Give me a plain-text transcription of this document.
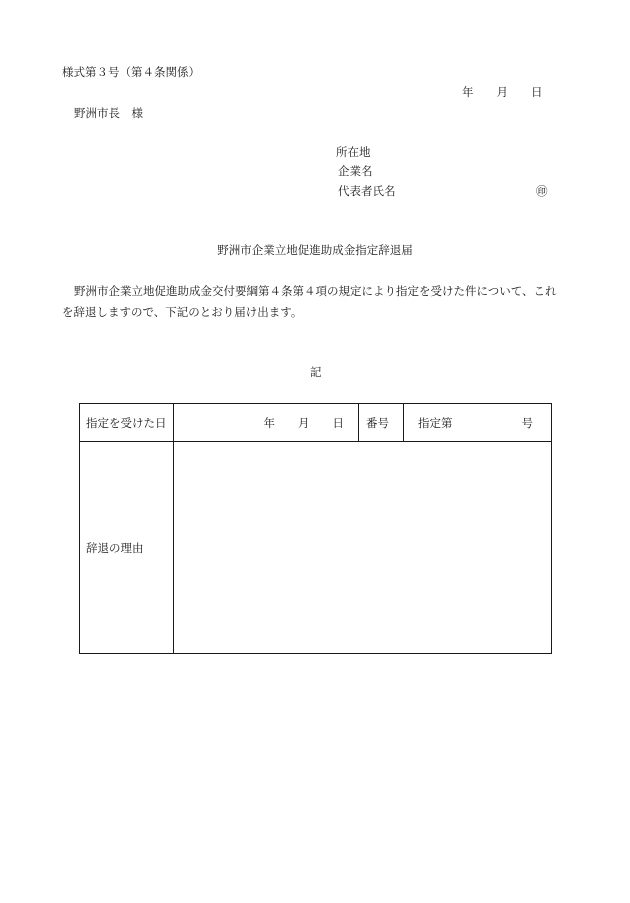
様式第３号（第４条関係）
年 月 日
野洲市長　様
所在地
企業名
代表者氏名	㊞
野洲市企業立地促進助成金指定辞退届
野洲市企業立地促進助成金交付要綱第４条第４項の規定により指定を受けた件について、これ
を辞退しますので、下記のとおり届け出ます。
記
指定を受けた日	年 月 日	番号	指定第 号
辞退の理由			
